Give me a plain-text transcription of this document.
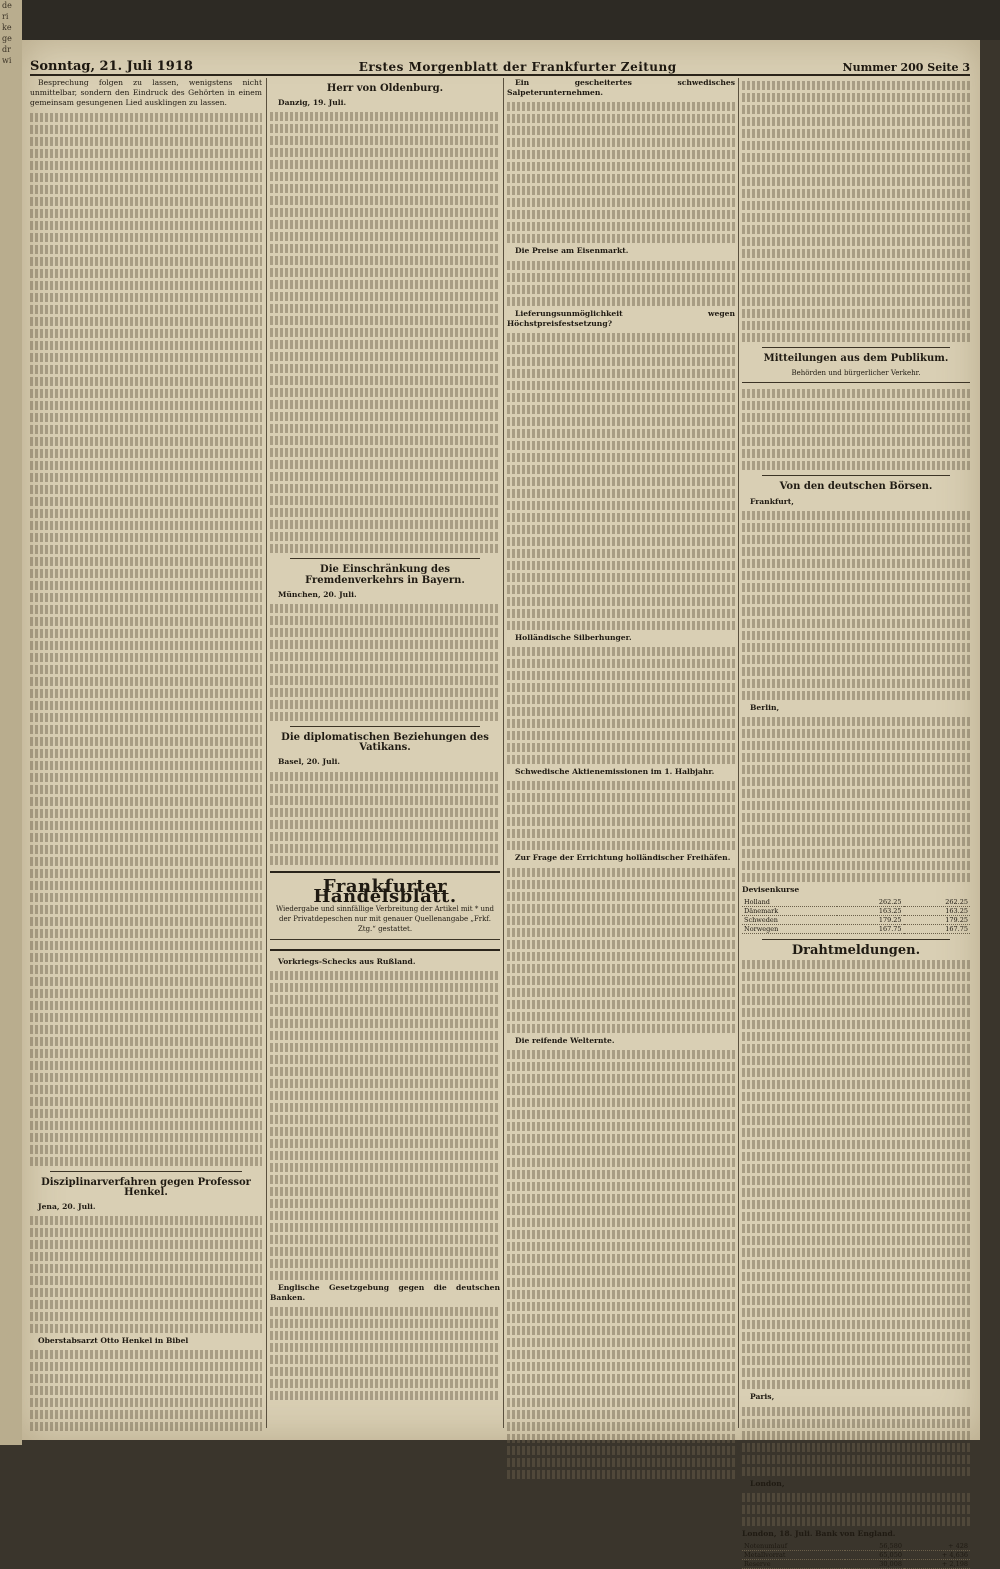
de
ri
ke
ge
dr
wi	Sonntag, 21. Juli 1918	Erstes Morgenblatt der Frankfurter Zeitung	Nummer 200 Seite 3

Besprechung folgen zu lassen, wenigstens nicht unmittelbar, sondern den Eindruck des Gehörten in einem gemeinsam gesungenen Lied ausklingen zu lassen.

Disziplinarverfahren gegen Professor Henkel.

Jena, 20. Juli.

Oberstabsarzt Otto Henkel in Bibel

Herr von Oldenburg.

Danzig, 19. Juli.

Die Einschränkung des Fremdenverkehrs in Bayern.

München, 20. Juli.

Die diplomatischen Beziehungen des Vatikans.

Basel, 20. Juli.

Frankfurter Handelsblatt.
Wiedergabe und sinnfällige Verbreitung der Artikel mit * und der Privatdepeschen nur mit genauer Quellenangabe „Frkf. Ztg.“ gestattet.

Vorkriegs-Schecks aus Rußland.

Englische Gesetzgebung gegen die deutschen Banken.

Ein gescheitertes schwedisches Salpeterunternehmen.

Die Preise am Eisenmarkt.

Lieferungsunmöglichkeit wegen Höchstpreisfestsetzung?

Holländische Silberhunger.

Schwedische Aktienemissionen im 1. Halbjahr.

Zur Frage der Errichtung holländischer Freihäfen.

Die reifende Welternte.

Mitteilungen aus dem Publikum.
Behörden und bürgerlicher Verkehr.
Von den deutschen Börsen.

Frankfurt,

Berlin,

Devisenkurse
Holland	262.25	262.25
Dänemark	163.25	163.25
Schweden	179.25	179.25
Norwegen	167.75	167.75
Drahtmeldungen.

Paris,

London,

London, 18. Juli. Bank von England.
Notenumlauf	56,580	+ 428
Metallvorrat	65,050	+ 4,636
Reserve	30,008	+ 2,198
